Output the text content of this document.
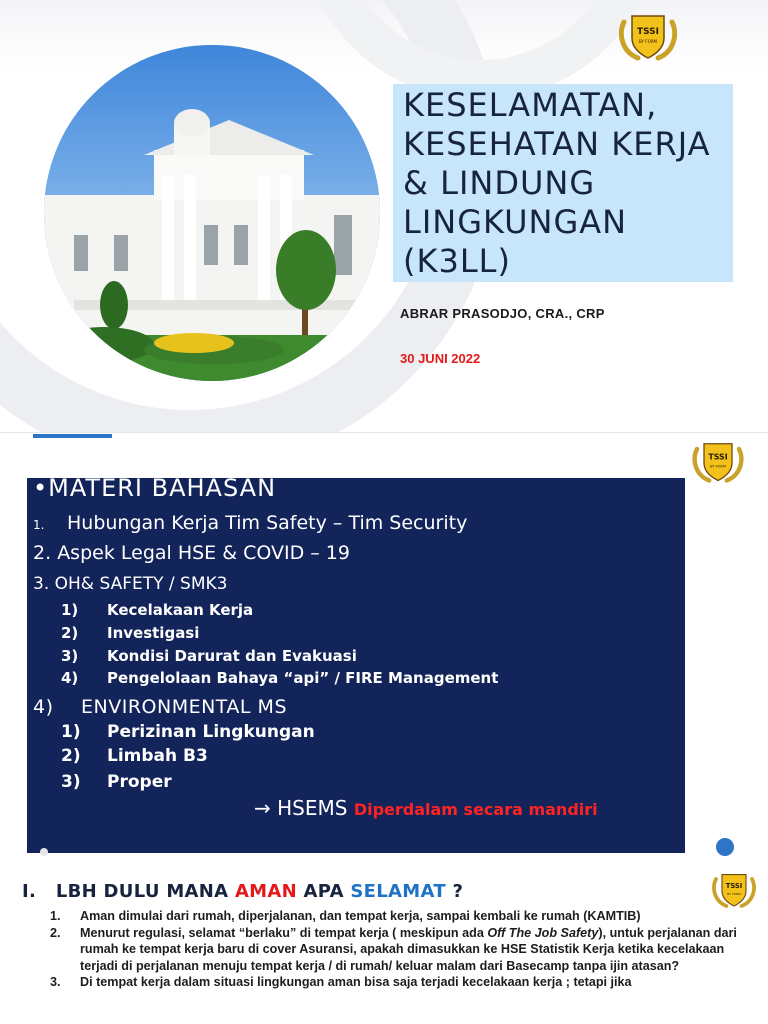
KESELAMATAN,
KESEHATAN KERJA
& LINDUNG
LINGKUNGAN
(K3LL)
ABRAR PRASODJO, CRA., CRP
30 JUNI 2022
TSSI
BY FORM
TSSI
BY FORM
•MATERI BAHASAN
1. Hubungan Kerja Tim Safety – Tim Security
2. Aspek Legal HSE & COVID – 19
3. OH& SAFETY / SMK3
1) Kecelakaan Kerja
2) Investigasi
3) Kondisi Darurat dan Evakuasi
4) Pengelolaan Bahaya “api” / FIRE Management
4) ENVIRONMENTAL MS
1) Perizinan Lingkungan
2) Limbah B3
3) Proper
→ HSEMS Diperdalam secara mandiri
TSSI
BY FORM
I.   LBH DULU MANA AMAN APA SELAMAT ?
1. Aman dimulai dari rumah, diperjalanan, dan tempat kerja, sampai kembali ke rumah (KAMTIB)
2. Menurut regulasi, selamat “berlaku” di tempat kerja ( meskipun ada Off The Job Safety), untuk perjalanan dari rumah ke tempat kerja baru di cover Asuransi, apakah dimasukkan ke HSE Statistik Kerja ketika kecelakaan terjadi di perjalanan menuju tempat kerja / di rumah/ keluar malam dari Basecamp tanpa ijin atasan?
3. Di tempat kerja dalam situasi lingkungan aman bisa saja terjadi kecelakaan kerja ; tetapi jika
